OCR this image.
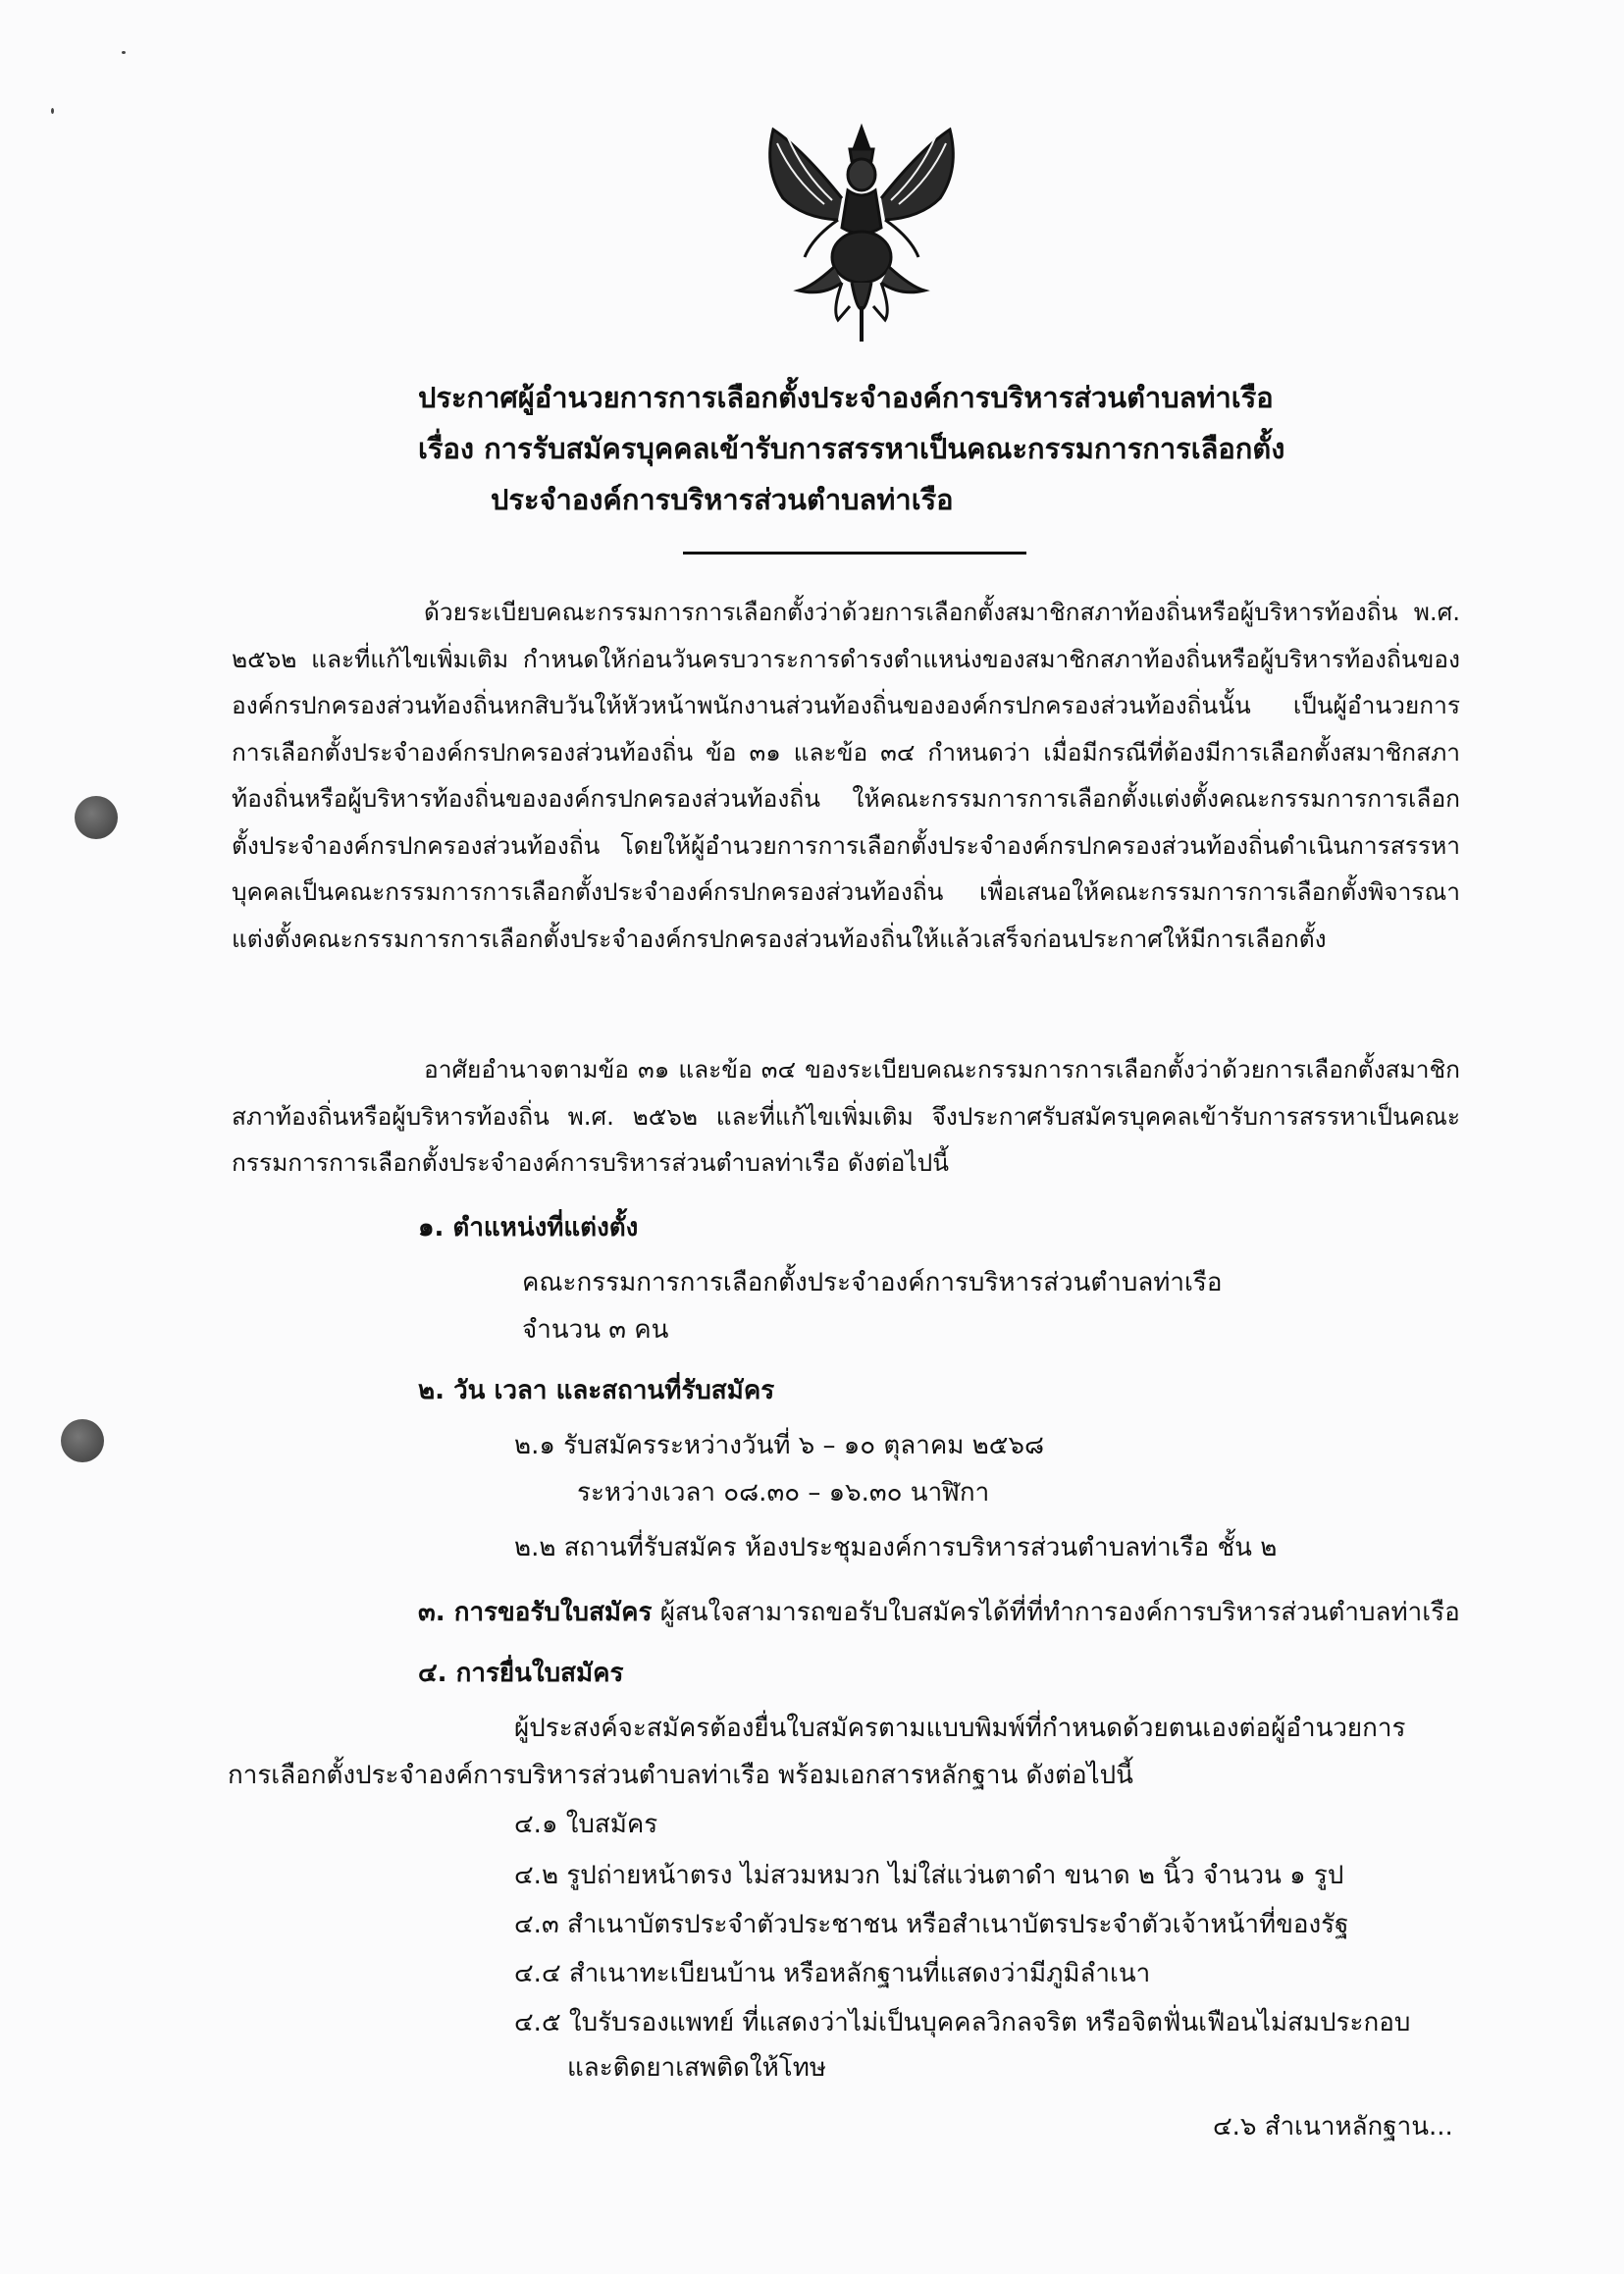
ประกาศผู้อำนวยการการเลือกตั้งประจำองค์การบริหารส่วนตำบลท่าเรือ
เรื่อง การรับสมัครบุคคลเข้ารับการสรรหาเป็นคณะกรรมการการเลือกตั้ง
ประจำองค์การบริหารส่วนตำบลท่าเรือ

ด้วยระเบียบคณะกรรมการการเลือกตั้งว่าด้วยการเลือกตั้งสมาชิกสภาท้องถิ่นหรือผู้บริหารท้องถิ่น พ.ศ. ๒๕๖๒ และที่แก้ไขเพิ่มเติม กำหนดให้ก่อนวันครบวาระการดำรงตำแหน่งของสมาชิกสภาท้องถิ่นหรือผู้บริหารท้องถิ่นขององค์กรปกครองส่วนท้องถิ่นหกสิบวันให้หัวหน้าพนักงานส่วนท้องถิ่นขององค์กรปกครองส่วนท้องถิ่นนั้น เป็นผู้อำนวยการการเลือกตั้งประจำองค์กรปกครองส่วนท้องถิ่น ข้อ ๓๑ และข้อ ๓๔ กำหนดว่า เมื่อมีกรณีที่ต้องมีการเลือกตั้งสมาชิกสภาท้องถิ่นหรือผู้บริหารท้องถิ่นขององค์กรปกครองส่วนท้องถิ่น ให้คณะกรรมการการเลือกตั้งแต่งตั้งคณะกรรมการการเลือกตั้งประจำองค์กรปกครองส่วนท้องถิ่น โดยให้ผู้อำนวยการการเลือกตั้งประจำองค์กรปกครองส่วนท้องถิ่นดำเนินการสรรหาบุคคลเป็นคณะกรรมการการเลือกตั้งประจำองค์กรปกครองส่วนท้องถิ่น เพื่อเสนอให้คณะกรรมการการเลือกตั้งพิจารณาแต่งตั้งคณะกรรมการการเลือกตั้งประจำองค์กรปกครองส่วนท้องถิ่นให้แล้วเสร็จก่อนประกาศให้มีการเลือกตั้ง

อาศัยอำนาจตามข้อ ๓๑ และข้อ ๓๔ ของระเบียบคณะกรรมการการเลือกตั้งว่าด้วยการเลือกตั้งสมาชิกสภาท้องถิ่นหรือผู้บริหารท้องถิ่น พ.ศ. ๒๕๖๒ และที่แก้ไขเพิ่มเติม จึงประกาศรับสมัครบุคคลเข้ารับการสรรหาเป็นคณะกรรมการการเลือกตั้งประจำองค์การบริหารส่วนตำบลท่าเรือ ดังต่อไปนี้

๑. ตำแหน่งที่แต่งตั้ง
คณะกรรมการการเลือกตั้งประจำองค์การบริหารส่วนตำบลท่าเรือ
จำนวน ๓ คน
๒. วัน เวลา และสถานที่รับสมัคร
๒.๑ รับสมัครระหว่างวันที่ ๖ – ๑๐ ตุลาคม ๒๕๖๘
ระหว่างเวลา ๐๘.๓๐ – ๑๖.๓๐ นาฬิกา
๒.๒ สถานที่รับสมัคร ห้องประชุมองค์การบริหารส่วนตำบลท่าเรือ ชั้น ๒
๓. การขอรับใบสมัคร ผู้สนใจสามารถขอรับใบสมัครได้ที่ที่ทำการองค์การบริหารส่วนตำบลท่าเรือ
๔. การยื่นใบสมัคร
ผู้ประสงค์จะสมัครต้องยื่นใบสมัครตามแบบพิมพ์ที่กำหนดด้วยตนเองต่อผู้อำนวยการ
การเลือกตั้งประจำองค์การบริหารส่วนตำบลท่าเรือ พร้อมเอกสารหลักฐาน ดังต่อไปนี้
๔.๑ ใบสมัคร
๔.๒ รูปถ่ายหน้าตรง ไม่สวมหมวก ไม่ใส่แว่นตาดำ ขนาด ๒ นิ้ว จำนวน ๑ รูป
๔.๓ สำเนาบัตรประจำตัวประชาชน หรือสำเนาบัตรประจำตัวเจ้าหน้าที่ของรัฐ
๔.๔ สำเนาทะเบียนบ้าน หรือหลักฐานที่แสดงว่ามีภูมิลำเนา
๔.๕ ใบรับรองแพทย์ ที่แสดงว่าไม่เป็นบุคคลวิกลจริต หรือจิตฟั่นเฟือนไม่สมประกอบ
และติดยาเสพติดให้โทษ
๔.๖ สำเนาหลักฐาน...
